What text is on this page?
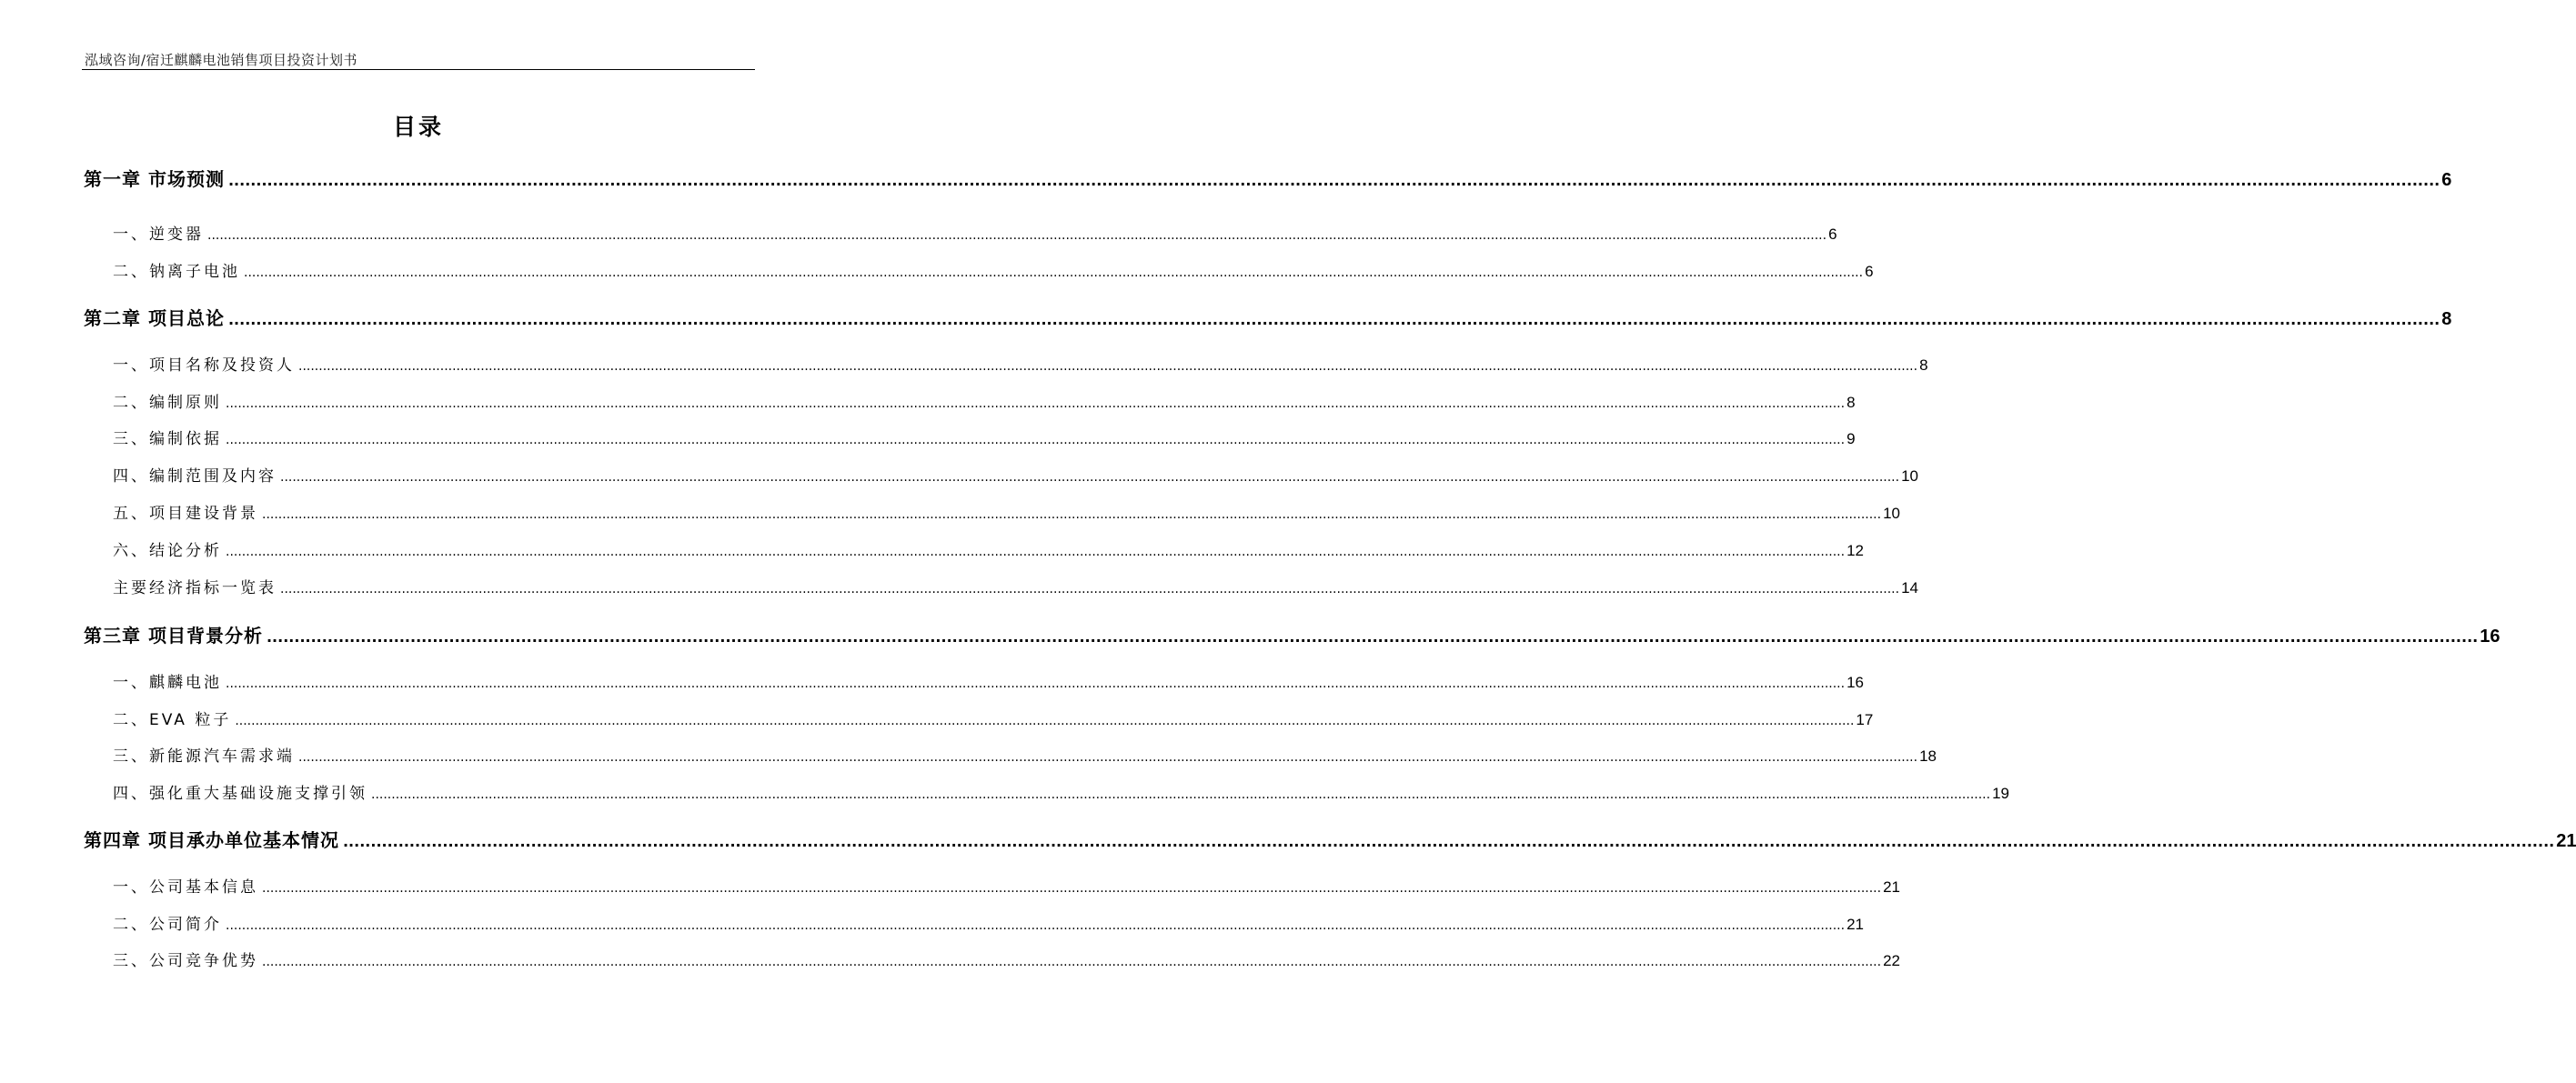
泓域咨询/宿迁麒麟电池销售项目投资计划书
目录
第一章 市场预测 ................................................................................................................................................................................................................................................................................................................................................................................................................ 6
一、 逆变器 ................................................................................................................................................................................................................................................................................................................................................................................................................ 6
二、 钠离子电池 ................................................................................................................................................................................................................................................................................................................................................................................................................ 6
第二章 项目总论 ................................................................................................................................................................................................................................................................................................................................................................................................................ 8
一、 项目名称及投资人 ................................................................................................................................................................................................................................................................................................................................................................................................................ 8
二、 编制原则 ................................................................................................................................................................................................................................................................................................................................................................................................................ 8
三、 编制依据 ................................................................................................................................................................................................................................................................................................................................................................................................................ 9
四、 编制范围及内容 ................................................................................................................................................................................................................................................................................................................................................................................................................ 10
五、 项目建设背景 ................................................................................................................................................................................................................................................................................................................................................................................................................ 10
六、 结论分析 ................................................................................................................................................................................................................................................................................................................................................................................................................ 12
主要经济指标一览表 ................................................................................................................................................................................................................................................................................................................................................................................................................ 14
第三章 项目背景分析 ................................................................................................................................................................................................................................................................................................................................................................................................................ 16
一、 麒麟电池 ................................................................................................................................................................................................................................................................................................................................................................................................................ 16
二、 EVA 粒子 ................................................................................................................................................................................................................................................................................................................................................................................................................ 17
三、 新能源汽车需求端 ................................................................................................................................................................................................................................................................................................................................................................................................................ 18
四、 强化重大基础设施支撑引领 ................................................................................................................................................................................................................................................................................................................................................................................................................ 19
第四章 项目承办单位基本情况 ................................................................................................................................................................................................................................................................................................................................................................................................................ 21
一、 公司基本信息 ................................................................................................................................................................................................................................................................................................................................................................................................................ 21
二、 公司简介 ................................................................................................................................................................................................................................................................................................................................................................................................................ 21
三、 公司竞争优势 ................................................................................................................................................................................................................................................................................................................................................................................................................ 22
